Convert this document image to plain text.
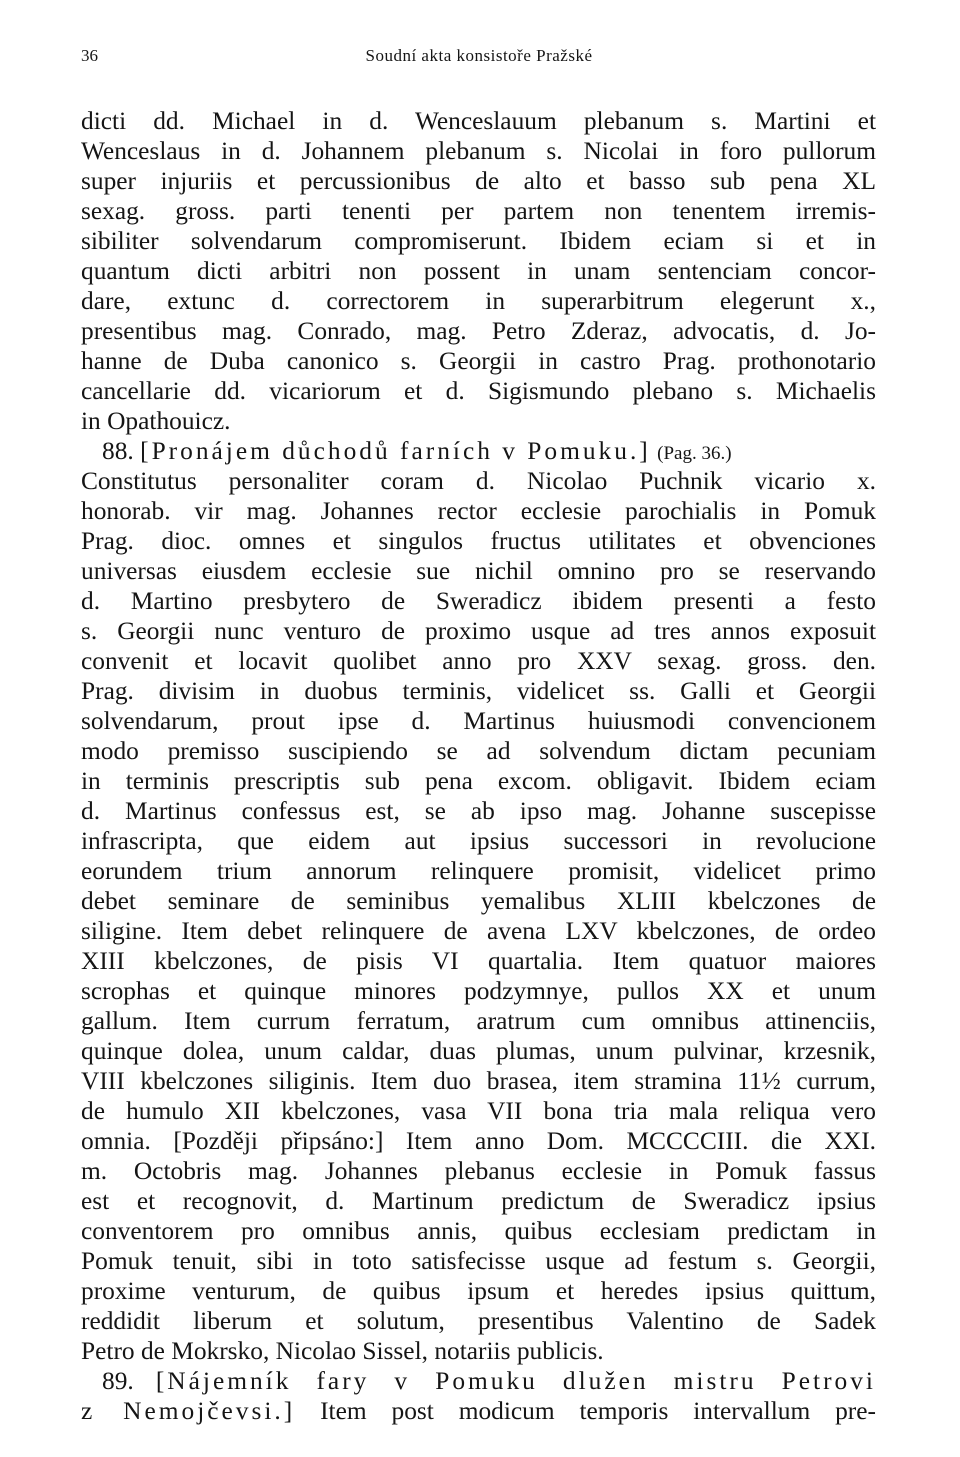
36	Soudní akta konsistoře Pražské
dicti dd. Michael in d. Wenceslauum plebanum s. Martini et
Wenceslaus in d. Johannem plebanum s. Nicolai in foro pullorum
super injuriis et percussionibus de alto et basso sub pena XL
sexag. gross. parti tenenti per partem non tenentem irremis-
sibiliter solvendarum compromiserunt. Ibidem eciam si et in
quantum dicti arbitri non possent in unam sentenciam concor-
dare, extunc d. correctorem in superarbitrum elegerunt x.,
presentibus mag. Conrado, mag. Petro Zderaz, advocatis, d. Jo-
hanne de Duba canonico s. Georgii in castro Prag. prothonotario
cancellarie dd. vicariorum et d. Sigismundo plebano s. Michaelis
in Opathouicz.
88. [Pronájem důchodů farních v Pomuku.] (Pag. 36.)
Constitutus personaliter coram d. Nicolao Puchnik vicario x.
honorab. vir mag. Johannes rector ecclesie parochialis in Pomuk
Prag. dioc. omnes et singulos fructus utilitates et obvenciones
universas eiusdem ecclesie sue nichil omnino pro se reservando
d. Martino presbytero de Sweradicz ibidem presenti a festo
s. Georgii nunc venturo de proximo usque ad tres annos exposuit
convenit et locavit quolibet anno pro XXV sexag. gross. den.
Prag. divisim in duobus terminis, videlicet ss. Galli et Georgii
solvendarum, prout ipse d. Martinus huiusmodi convencionem
modo premisso suscipiendo se ad solvendum dictam pecuniam
in terminis prescriptis sub pena excom. obligavit. Ibidem eciam
d. Martinus confessus est, se ab ipso mag. Johanne suscepisse
infrascripta, que eidem aut ipsius successori in revolucione
eorundem trium annorum relinquere promisit, videlicet primo
debet seminare de seminibus yemalibus XLIII kbelczones de
siligine. Item debet relinquere de avena LXV kbelczones, de ordeo
XIII kbelczones, de pisis VI quartalia. Item quatuor maiores
scrophas et quinque minores podzymnye, pullos XX et unum
gallum. Item currum ferratum, aratrum cum omnibus attinenciis,
quinque dolea, unum caldar, duas plumas, unum pulvinar, krzesnik,
VIII kbelczones siliginis. Item duo brasea, item stramina 11½ currum,
de humulo XII kbelczones, vasa VII bona tria mala reliqua vero
omnia. [Později připsáno:] Item anno Dom. MCCCCIII. die XXI.
m. Octobris mag. Johannes plebanus ecclesie in Pomuk fassus
est et recognovit, d. Martinum predictum de Sweradicz ipsius
conventorem pro omnibus annis, quibus ecclesiam predictam in
Pomuk tenuit, sibi in toto satisfecisse usque ad festum s. Georgii,
proxime venturum, de quibus ipsum et heredes ipsius quittum,
reddidit liberum et solutum, presentibus Valentino de Sadek
Petro de Mokrsko, Nicolao Sissel, notariis publicis.
89. [Nájemník fary v Pomuku dlužen mistru Petrovi
z Nemojčevsi.] Item post modicum temporis intervallum pre-
